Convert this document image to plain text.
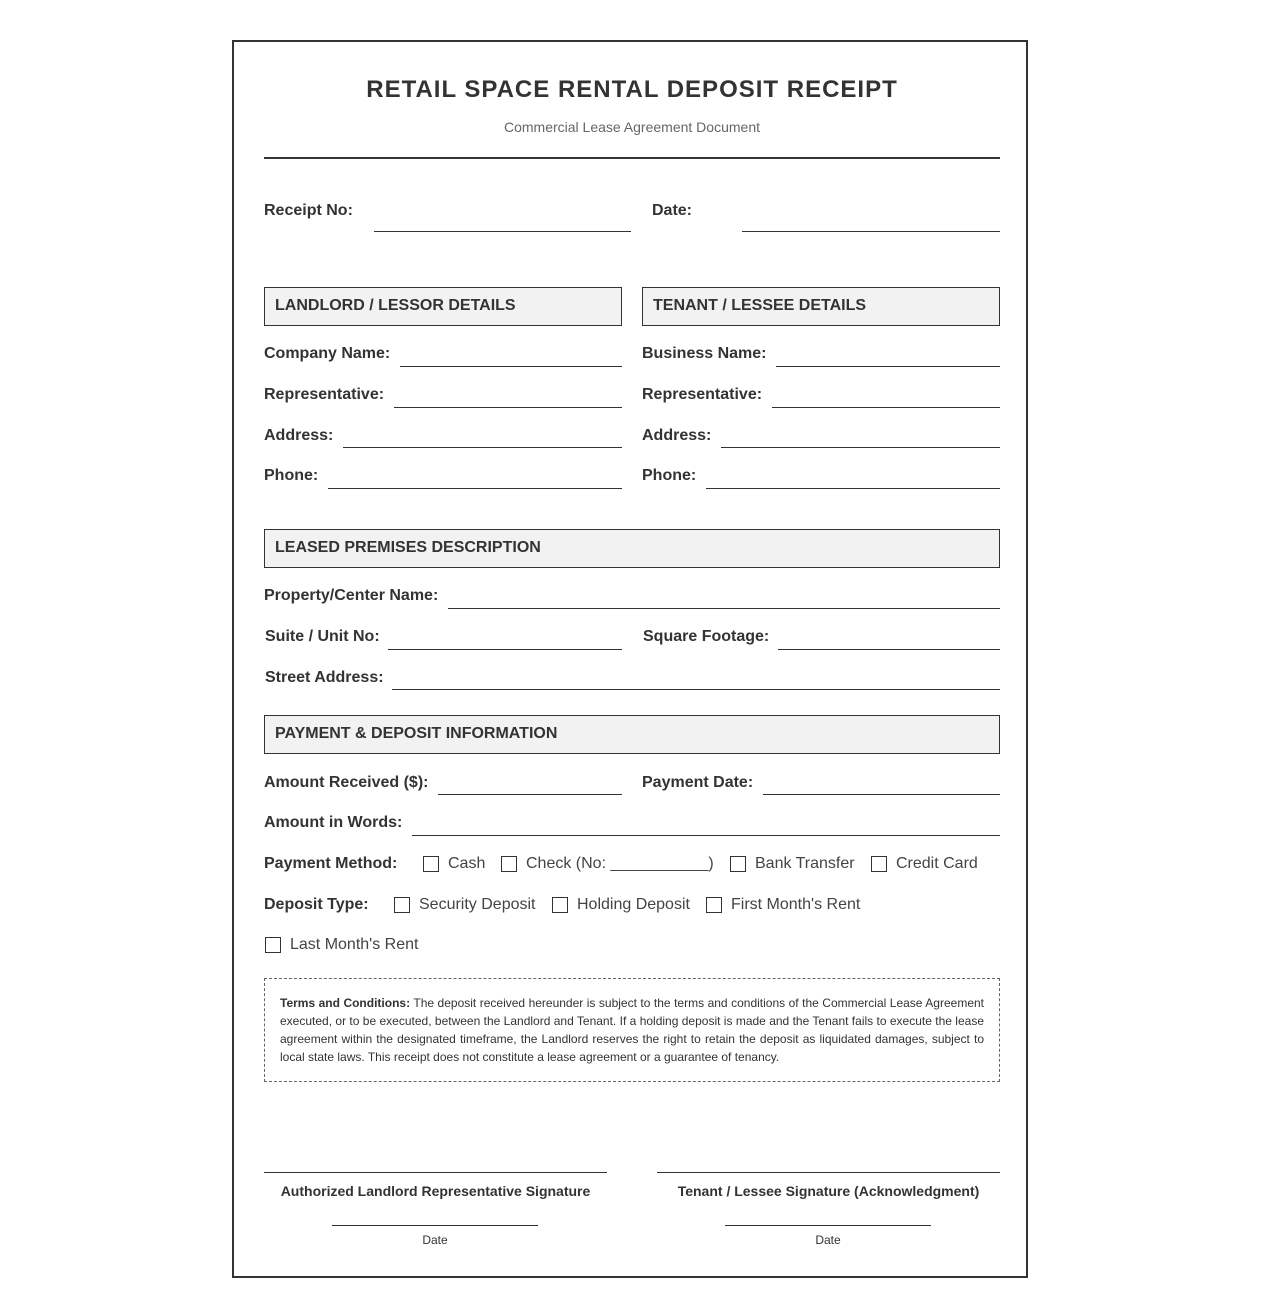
RETAIL SPACE RENTAL DEPOSIT RECEIPT
Commercial Lease Agreement Document
Receipt No:	Date:
LANDLORD / LESSOR DETAILS
Company Name:
Representative:
Address:
Phone:
TENANT / LESSEE DETAILS
Business Name:
Representative:
Address:
Phone:
LEASED PREMISES DESCRIPTION
Property/Center Name:
Suite / Unit No:	Square Footage:
Street Address:
PAYMENT & DEPOSIT INFORMATION
Amount Received ($):	Payment Date:
Amount in Words:
Payment Method:	Cash	Check (No: ___________)	Bank Transfer	Credit Card
Deposit Type:	Security Deposit	Holding Deposit	First Month's Rent
Last Month's Rent
Terms and Conditions: The deposit received hereunder is subject to the terms and conditions of the Commercial Lease Agreement executed, or to be executed, between the Landlord and Tenant. If a holding deposit is made and the Tenant fails to execute the lease agreement within the designated timeframe, the Landlord reserves the right to retain the deposit as liquidated damages, subject to local state laws. This receipt does not constitute a lease agreement or a guarantee of tenancy.
Authorized Landlord Representative Signature
Date
Tenant / Lessee Signature (Acknowledgment)
Date
